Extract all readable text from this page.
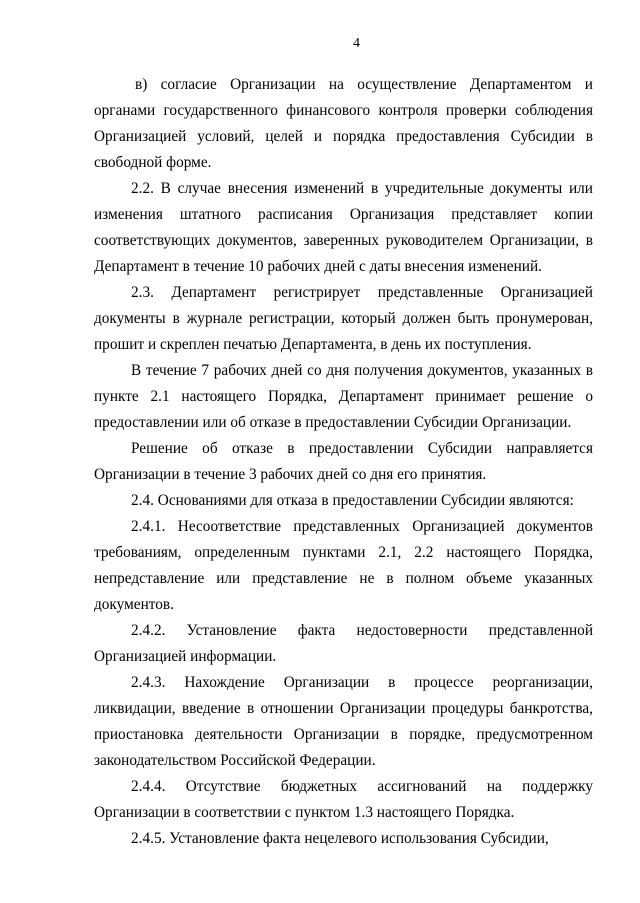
4

в) согласие Организации на осуществление Департаментом и органами государственного финансового контроля проверки соблюдения Организацией условий, целей и порядка предоставления Субсидии в свободной форме.

2.2. В случае внесения изменений в учредительные документы или изменения штатного расписания Организация представляет копии соответствующих документов, заверенных руководителем Организации, в Департамент в течение 10 рабочих дней с даты внесения изменений.

2.3. Департамент регистрирует представленные Организацией документы в журнале регистрации, который должен быть пронумерован, прошит и скреплен печатью Департамента, в день их поступления.

В течение 7 рабочих дней со дня получения документов, указанных в пункте 2.1 настоящего Порядка, Департамент принимает решение о предоставлении или об отказе в предоставлении Субсидии Организации.

Решение об отказе в предоставлении Субсидии направляется Организации в течение 3 рабочих дней со дня его принятия.

2.4. Основаниями для отказа в предоставлении Субсидии являются:

2.4.1. Несоответствие представленных Организацией документов требованиям, определенным пунктами 2.1, 2.2 настоящего Порядка, непредставление или представление не в полном объеме указанных документов.

2.4.2. Установление факта недостоверности представленной Организацией информации.

2.4.3. Нахождение Организации в процессе реорганизации, ликвидации, введение в отношении Организации процедуры банкротства, приостановка деятельности Организации в порядке, предусмотренном законодательством Российской Федерации.

2.4.4. Отсутствие бюджетных ассигнований на поддержку Организации в соответствии с пунктом 1.3 настоящего Порядка.

2.4.5. Установление факта нецелевого использования Субсидии,
